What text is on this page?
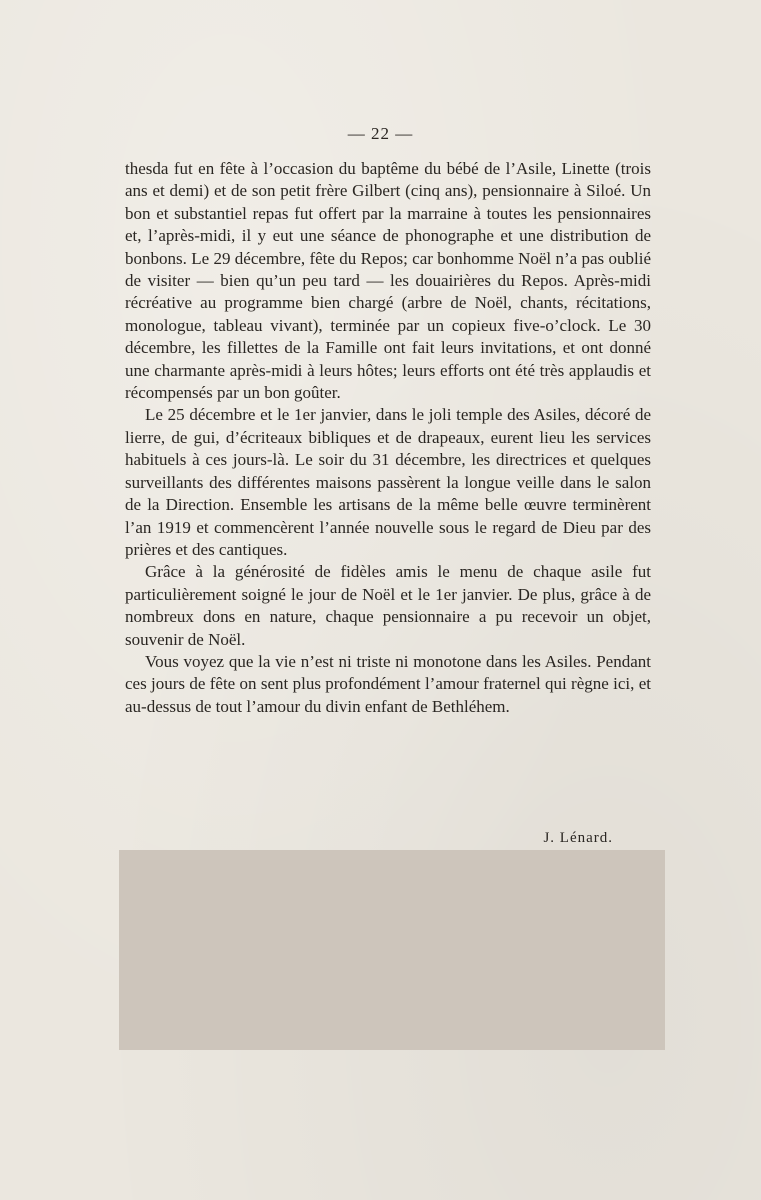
— 22 —

thesda fut en fête à l’occasion du baptême du bébé de l’Asile, Linette (trois ans et demi) et de son petit frère Gilbert (cinq ans), pensionnaire à Siloé. Un bon et substantiel repas fut offert par la marraine à toutes les pensionnaires et, l’après-midi, il y eut une séance de phonographe et une distribution de bonbons. Le 29 décembre, fête du Repos; car bonhomme Noël n’a pas oublié de visiter — bien qu’un peu tard — les douairières du Repos. Après-midi récréative au programme bien chargé (arbre de Noël, chants, récitations, monologue, tableau vivant), terminée par un copieux five-o’clock. Le 30 décembre, les fillettes de la Famille ont fait leurs invitations, et ont donné une charmante après-midi à leurs hôtes; leurs efforts ont été très applaudis et récompensés par un bon goûter.

Le 25 décembre et le 1er janvier, dans le joli temple des Asiles, décoré de lierre, de gui, d’écriteaux bibliques et de drapeaux, eurent lieu les services habituels à ces jours-là. Le soir du 31 décembre, les directrices et quelques surveillants des différentes maisons passèrent la longue veille dans le salon de la Direction. Ensemble les artisans de la même belle œuvre terminèrent l’an 1919 et commencèrent l’année nouvelle sous le regard de Dieu par des prières et des cantiques.

Grâce à la générosité de fidèles amis le menu de chaque asile fut particulièrement soigné le jour de Noël et le 1er janvier. De plus, grâce à de nombreux dons en nature, chaque pensionnaire a pu recevoir un objet, souvenir de Noël.

Vous voyez que la vie n’est ni triste ni monotone dans les Asiles. Pendant ces jours de fête on sent plus profondément l’amour fraternel qui règne ici, et au-dessus de tout l’amour du divin enfant de Bethléhem.

J. Lénard.
